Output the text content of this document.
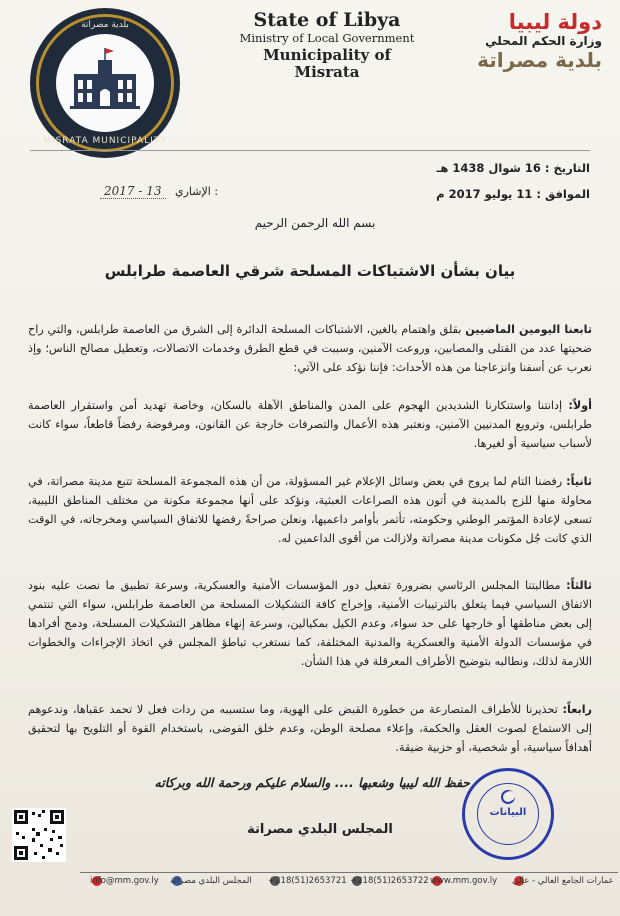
بلدية مصراتة
MISRATA MUNICIPALITY
State of Libya
Ministry of Local Government
Municipality of Misrata
دولة ليبيا
وزارة الحكم المحلي
بلدية مصراتة
التاريخ : 16 شوال 1438 هـ
الموافق : 11 يوليو 2017 م
2017 - 13 الإشاري :
بسم الله الرحمن الرحيم
بيان بشأن الاشتباكات المسلحة شرقي العاصمة طرابلس
تابعنا اليومين الماضيين بقلق واهتمام بالغين، الاشتباكات المسلحة الدائرة إلى الشرق من العاصمة طرابلس، والتي راح ضحيتها عدد من القتلى والمصابين، وروعت الآمنين، وسببت في قطع الطرق وخدمات الاتصالات، وتعطيل مصالح الناس؛ وإذ نعرب عن أسفنا وانزعاجنا من هذه الأحداث: فإننا نؤكد على الآتي:
أولاً: إدانتنا واستنكارنا الشديدين الهجوم على المدن والمناطق الآهلة بالسكان، وخاصة تهديد أمن واستقرار العاصمة طرابلس، وترويع المدنيين الآمنين، ونعتبر هذه الأعمال والتصرفات خارجة عن القانون، ومرفوضة رفضاً قاطعاً، سواء كانت لأسباب سياسية أو لغيرها.
ثانياً: رفضنا التام لما يروج في بعض وسائل الإعلام غير المسؤولة، من أن هذه المجموعة المسلحة تتبع مدينة مصراتة، في محاولة منها للزج بالمدينة في أتون هذه الصراعات العبثية، ونؤكد على أنها مجموعة مكونة من مختلف المناطق الليبية، تسعى لإعادة المؤتمر الوطني وحكومته، تأتمر بأوامر داعميها، ونعلن صراحةً رفضها للاتفاق السياسي ومخرجاته، في الوقت الذي كانت جُل مكونات مدينة مصراتة ولازالت من أقوى الداعمين له.
ثالثاً: مطالبتنا المجلس الرئاسي بضرورة تفعيل دور المؤسسات الأمنية والعسكرية، وسرعة تطبيق ما نصت عليه بنود الاتفاق السياسي فيما يتعلق بالترتيبات الأمنية، وإخراج كافة التشكيلات المسلحة من العاصمة طرابلس، سواء التي تنتمي إلى بعض مناطقها أو خارجها على حد سواء، وعدم الكيل بمكيالين، وسرعة إنهاء مظاهر التشكيلات المسلحة، ودمج أفرادها في مؤسسات الدولة الأمنية والعسكرية والمدنية المختلفة، كما نستغرب تباطؤ المجلس في اتخاذ الإجراءات والخطوات اللازمة لذلك، ونطالبه بتوضيح الأطراف المعرقلة في هذا الشأن.
رابعاً: تحذيرنا للأطراف المتصارعة من خطورة القبض على الهوية، وما ستسببه من ردات فعل لا تحمد عقباها، وندعوهم إلى الاستماع لصوت العقل والحكمة، وإعلاء مصلحة الوطن، وعدم خلق الفوضى، باستخدام القوة أو التلويح بها لتحقيق أهدافاً سياسية، أو شخصية، أو حزبية ضيقة.
حفظ الله ليبيا وشعبها .... والسلام عليكم ورحمة الله وبركاته
المجلس البلدي مصراتة
البيانات
info@mm.gov.ly المجلس البلدي مصراتة +218(51)2653721 +218(51)2653722 www.mm.gov.ly عمارات الجامع العالي - عالي
